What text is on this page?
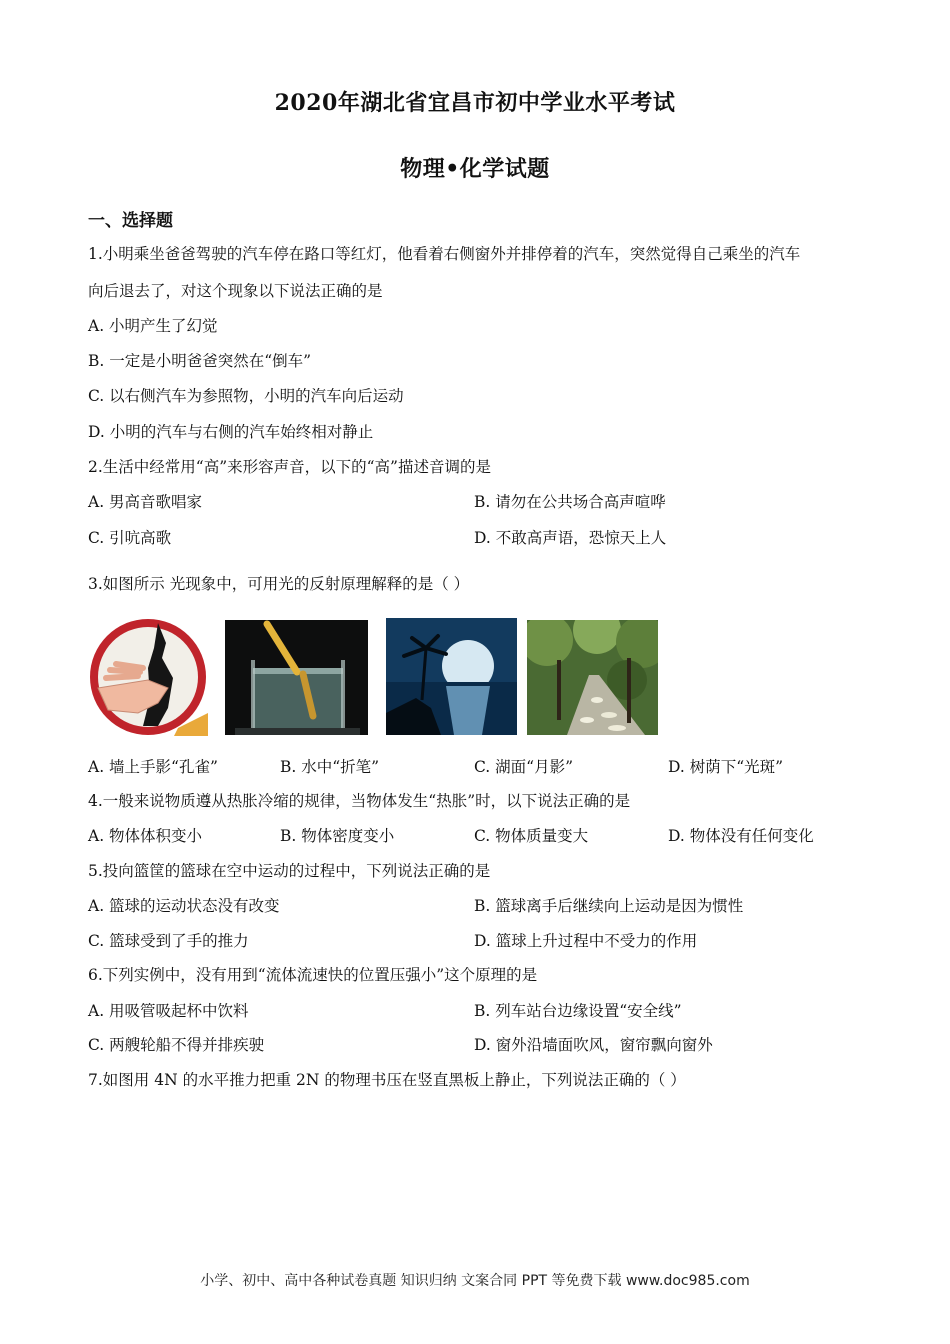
2020年湖北省宜昌市初中学业水平考试
物理•化学试题
一、选择题
1.小明乘坐爸爸驾驶的汽车停在路口等红灯，他看着右侧窗外并排停着的汽车，突然觉得自己乘坐的汽车
向后退去了，对这个现象以下说法正确的是
A. 小明产生了幻觉
B. 一定是小明爸爸突然在“倒车”
C. 以右侧汽车为参照物，小明的汽车向后运动
D. 小明的汽车与右侧的汽车始终相对静止
2.生活中经常用“高”来形容声音，以下的“高”描述音调的是
A. 男高音歌唱家	B. 请勿在公共场合高声喧哗
C. 引吭高歌	D. 不敢高声语，恐惊天上人
3.如图所示 光现象中，可用光的反射原理解释的是（ ）
A. 墙上手影“孔雀”	B. 水中“折笔”	C. 湖面“月影”	D. 树荫下“光斑”
4.一般来说物质遵从热胀冷缩的规律，当物体发生“热胀”时，以下说法正确的是
A. 物体体积变小	B. 物体密度变小	C. 物体质量变大	D. 物体没有任何变化
5.投向篮筐的篮球在空中运动的过程中，下列说法正确的是
A. 篮球的运动状态没有改变	B. 篮球离手后继续向上运动是因为惯性
C. 篮球受到了手的推力	D. 篮球上升过程中不受力的作用
6.下列实例中，没有用到“流体流速快的位置压强小”这个原理的是
A. 用吸管吸起杯中饮料	B. 列车站台边缘设置“安全线”
C. 两艘轮船不得并排疾驶	D. 窗外沿墙面吹风，窗帘飘向窗外
7.如图用 4N 的水平推力把重 2N 的物理书压在竖直黑板上静止，下列说法正确的（ ）
小学、初中、高中各种试卷真题 知识归纳 文案合同 PPT 等免费下载 www.doc985.com
